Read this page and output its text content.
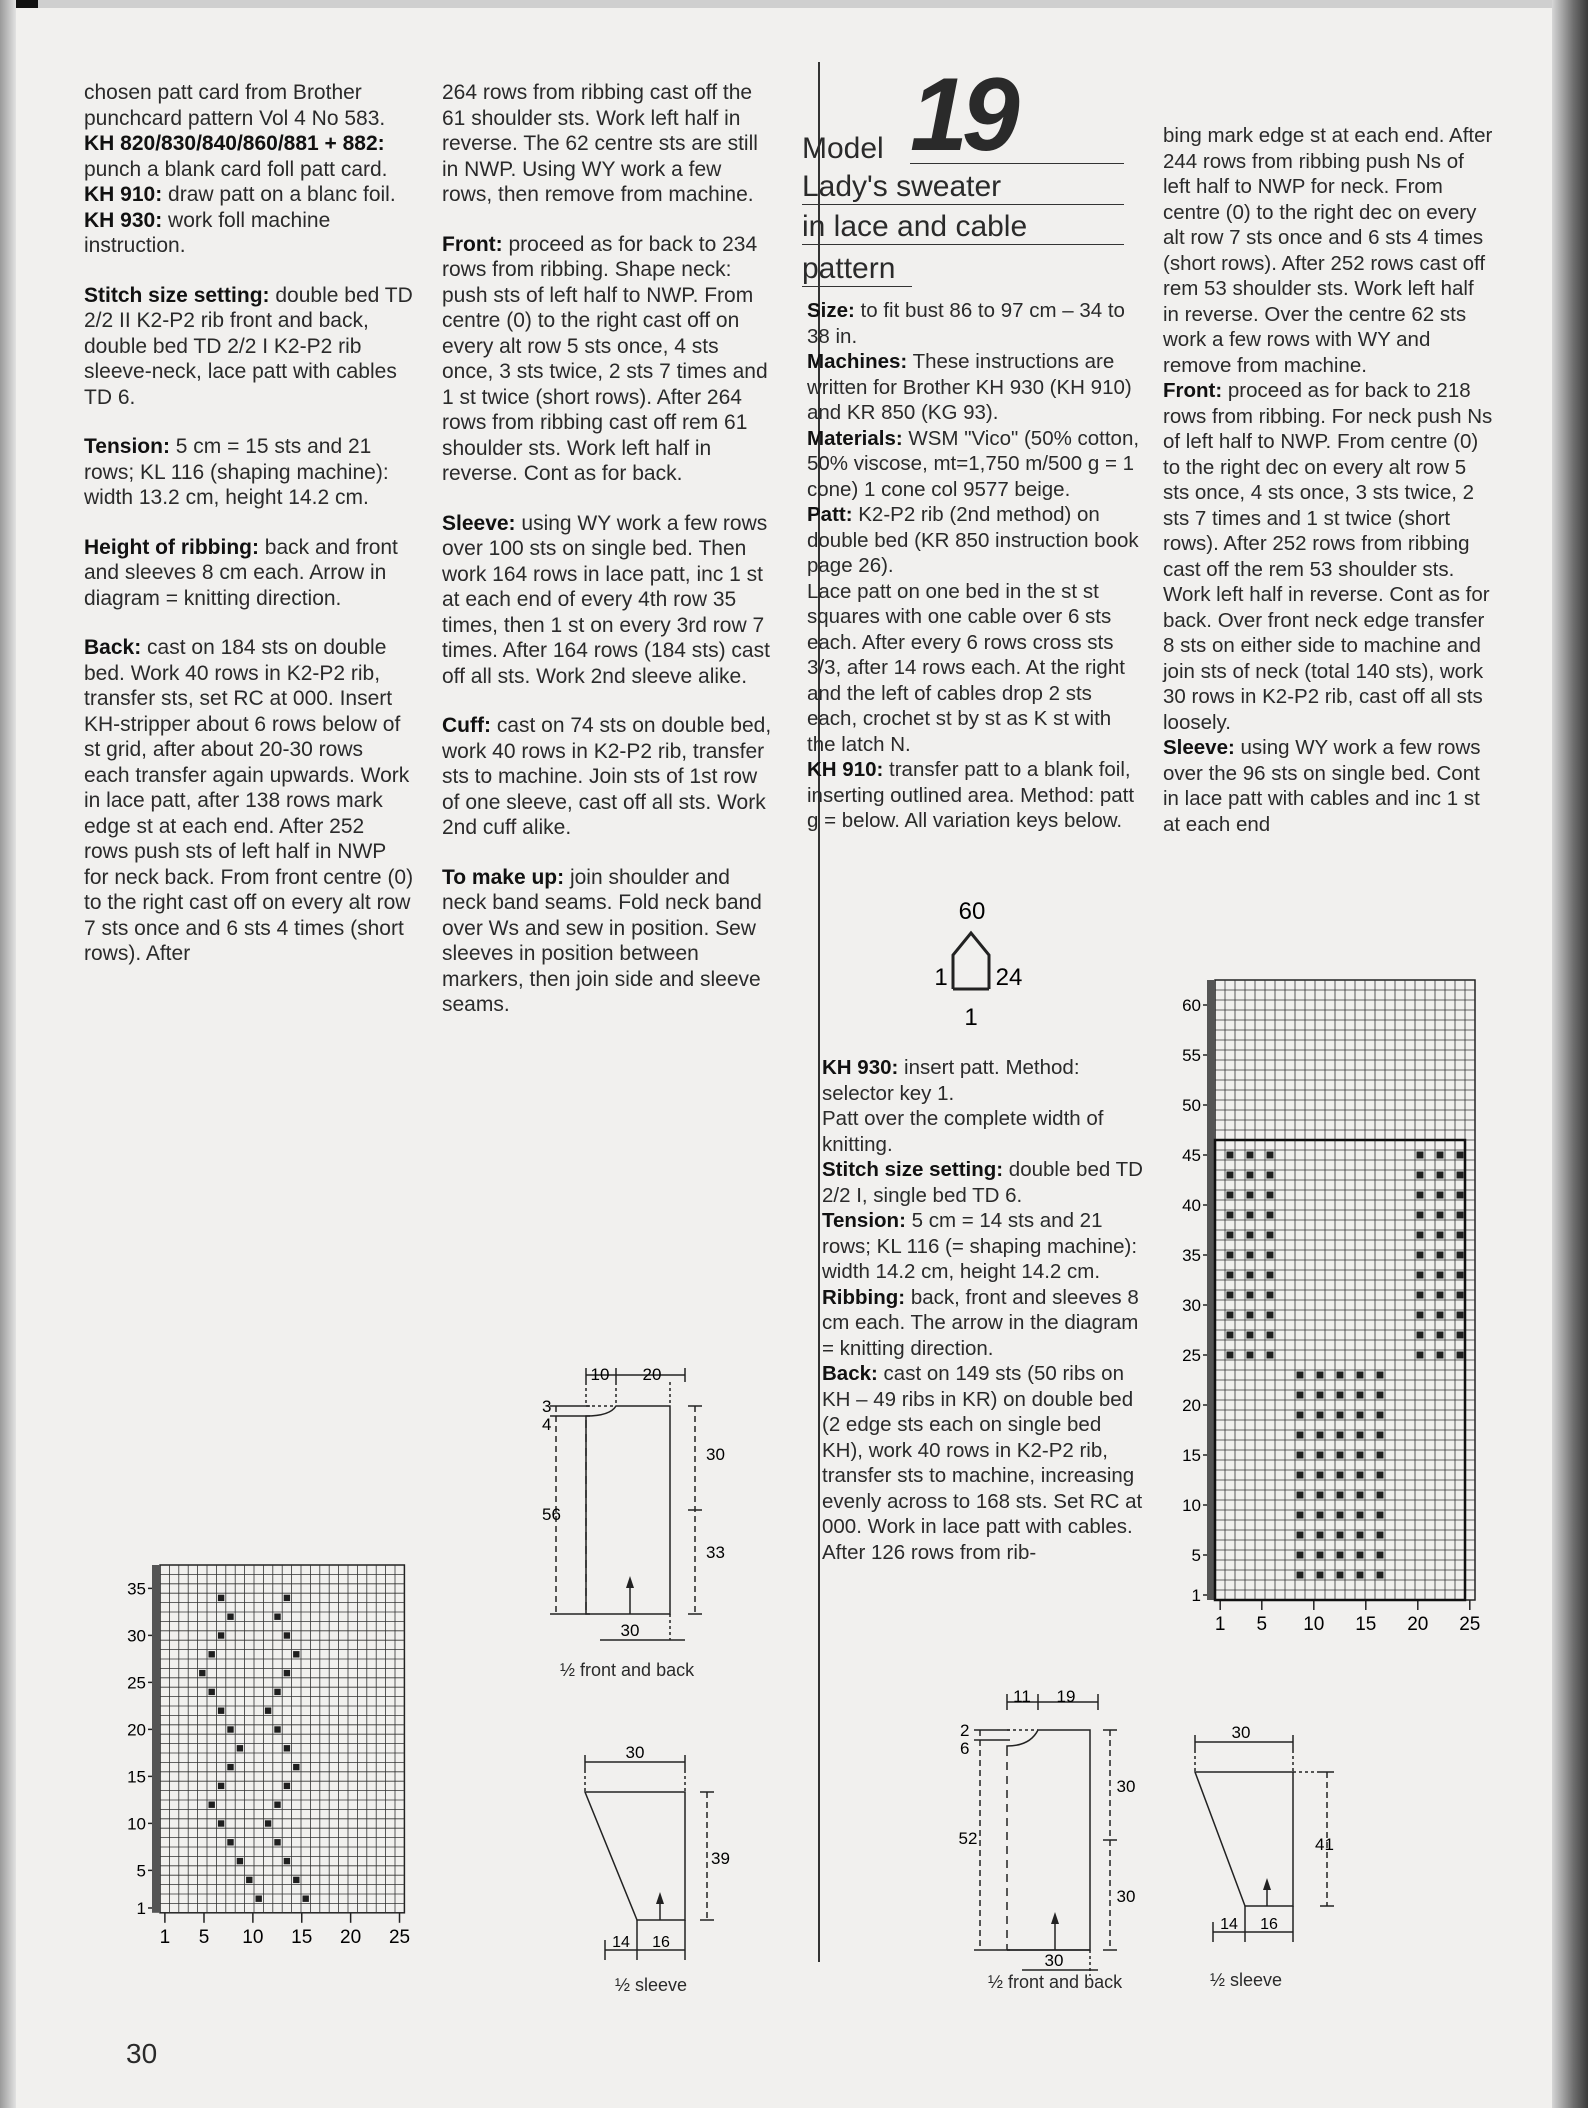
chosen patt card from Brother punchcard pattern Vol 4 No 583.

KH 820/830/840/860/881 + 882: punch a blank card foll patt card.

KH 910: draw patt on a blanc foil.

KH 930: work foll machine instruction.

Stitch size setting: double bed TD 2/2 II K2-P2 rib front and back, double bed TD 2/2 I K2-P2 rib sleeve-neck, lace patt with cables TD 6.

Tension: 5 cm = 15 sts and 21 rows; KL 116 (shaping machine): width 13.2 cm, height 14.2 cm.

Height of ribbing: back and front and sleeves 8 cm each. Arrow in diagram = knitting direction.

Back: cast on 184 sts on double bed. Work 40 rows in K2-P2 rib, transfer sts, set RC at 000. Insert KH-stripper about 6 rows below of st grid, after about 20-30 rows each transfer again upwards. Work in lace patt, after 138 rows mark edge st at each end. After 252 rows push sts of left half in NWP for neck back. From front centre (0) to the right cast off on every alt row 7 sts once and 6 sts 4 times (short rows). After

264 rows from ribbing cast off the 61 shoulder sts. Work left half in reverse. The 62 centre sts are still in NWP. Using WY work a few rows, then remove from machine.

Front: proceed as for back to 234 rows from ribbing. Shape neck: push sts of left half to NWP. From centre (0) to the right cast off on every alt row 5 sts once, 4 sts once, 3 sts twice, 2 sts 7 times and 1 st twice (short rows). After 264 rows from ribbing cast off rem 61 shoulder sts. Work left half in reverse. Cont as for back.

Sleeve: using WY work a few rows over 100 sts on single bed. Then work 164 rows in lace patt, inc 1 st at each end of every 4th row 35 times, then 1 st on every 3rd row 7 times. After 164 rows (184 sts) cast off all sts. Work 2nd sleeve alike.

Cuff: cast on 74 sts on double bed, work 40 rows in K2-P2 rib, transfer sts to machine. Join sts of 1st row of one sleeve, cast off all sts. Work 2nd cuff alike.

To make up: join shoulder and neck band seams. Fold neck band over Ws and sew in position. Sew sleeves in position between markers, then join side and sleeve seams.

Model 19
Lady's sweater
in lace and cable
pattern
Size: to fit bust 86 to 97 cm – 34 to 38 in.
Machines: These instructions are written for Brother KH 930 (KH 910) and KR 850 (KG 93).
Materials: WSM "Vico" (50% cotton, 50% viscose, mt=1,750 m/500 g = 1 cone) 1 cone col 9577 beige.
Patt: K2-P2 rib (2nd method) on double bed (KR 850 instruction book page 26).
Lace patt on one bed in the st st squares with one cable over 6 sts each. After every 6 rows cross sts 3/3, after 14 rows each. At the right and the left of cables drop 2 sts each, crochet st by st as K st with the latch N.
KH 910: transfer patt to a blank foil, inserting outlined area. Method: patt g = below. All variation keys below.
60
1 24
1
KH 930: insert patt. Method: selector key 1.
Patt over the complete width of knitting.
Stitch size setting: double bed TD 2/2 I, single bed TD 6.
Tension: 5 cm = 14 sts and 21 rows; KL 116 (= shaping machine): width 14.2 cm, height 14.2 cm.
Ribbing: back, front and sleeves 8 cm each. The arrow in the diagram = knitting direction.
Back: cast on 149 sts (50 ribs on KH – 49 ribs in KR) on double bed (2 edge sts each on single bed KH), work 40 rows in K2-P2 rib, transfer sts to machine, increasing evenly across to 168 sts. Set RC at 000. Work in lace patt with cables. After 126 rows from rib-
bing mark edge st at each end. After 244 rows from ribbing push Ns of left half to NWP for neck. From centre (0) to the right dec on every alt row 7 sts once and 6 sts 4 times (short rows). After 252 rows cast off rem 53 shoulder sts. Work left half in reverse. Over the centre 62 sts work a few rows with WY and remove from machine.
Front: proceed as for back to 218 rows from ribbing. For neck push Ns of left half to NWP. From centre (0) to the right dec on every alt row 5 sts once, 4 sts once, 3 sts twice, 2 sts 7 times and 1 st twice (short rows). After 252 rows from ribbing cast off the rem 53 shoulder sts. Work left half in reverse. Cont as for back. Over front neck edge transfer 8 sts on either side to machine and join sts of neck (total 140 sts), work 30 rows in K2-P2 rib, cast off all sts loosely.
Sleeve: using WY work a few rows over the 96 sts on single bed. Cont in lace patt with cables and inc 1 st at each end
35
30
25
20
15
10
5
1
1 5 10 15 20 25
60
55
50
45
40
35
30
25
20
15
10
5
1
1 5 10 15 20 25
10 20
3
4
30
56
33
30
½ front and back
30
39
14 16
½ sleeve
11 19
2
6
30
52
30
30
½ front and back
30
41
14 16
½ sleeve
30
